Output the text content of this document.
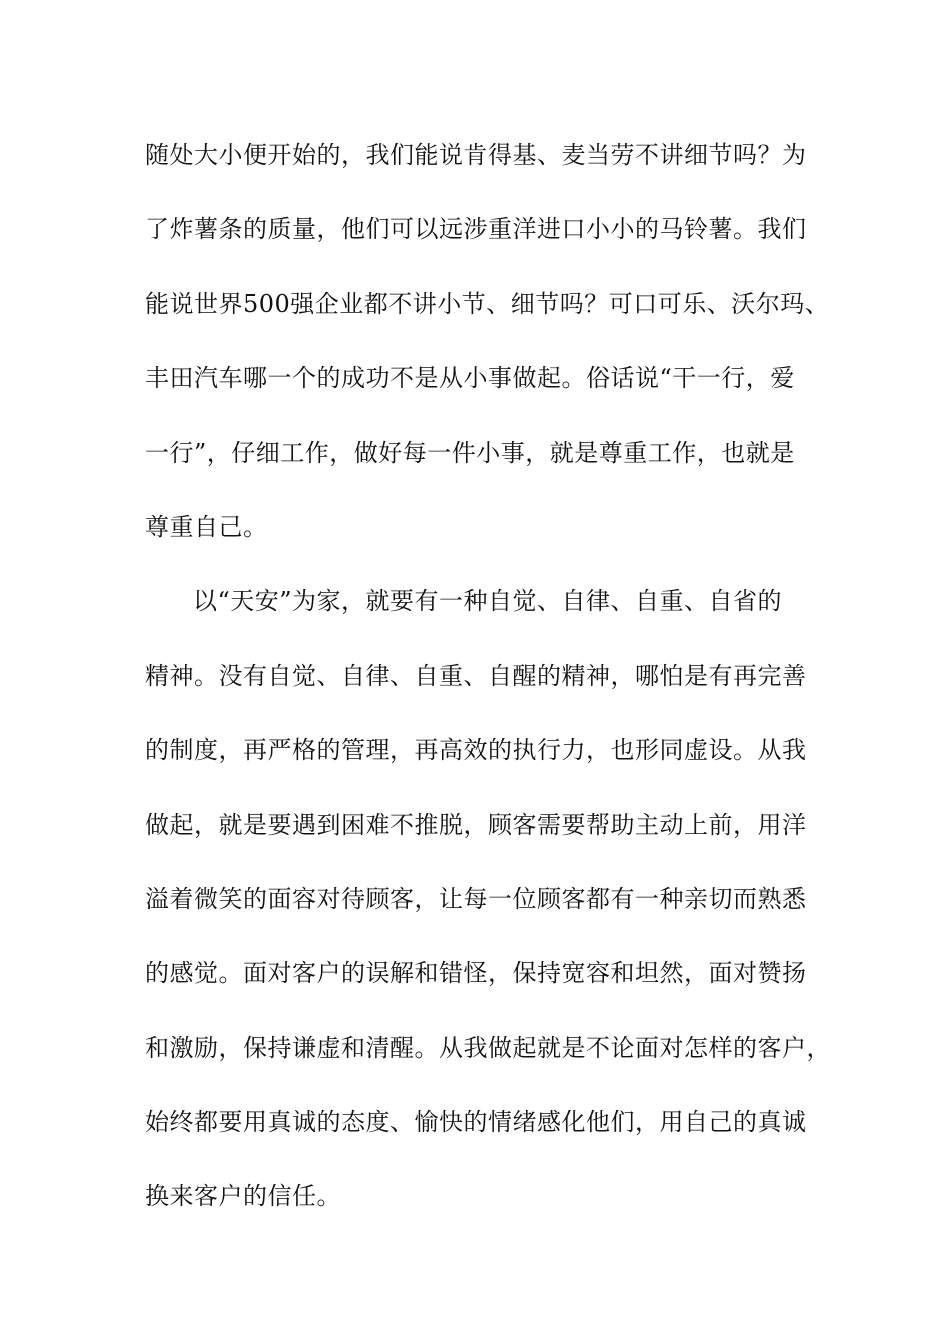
随处大小便开始的，我们能说肯得基、麦当劳不讲细节吗？为
了炸薯条的质量，他们可以远涉重洋进口小小的马铃薯。我们
能说世界500强企业都不讲小节、细节吗？可口可乐、沃尔玛、
丰田汽车哪一个的成功不是从小事做起。俗话说“干一行，爱
一行”，仔细工作，做好每一件小事，就是尊重工作，也就是
尊重自己。
以“天安”为家，就要有一种自觉、自律、自重、自省的
精神。没有自觉、自律、自重、自醒的精神，哪怕是有再完善
的制度，再严格的管理，再高效的执行力，也形同虚设。从我
做起，就是要遇到困难不推脱，顾客需要帮助主动上前，用洋
溢着微笑的面容对待顾客，让每一位顾客都有一种亲切而熟悉
的感觉。面对客户的误解和错怪，保持宽容和坦然，面对赞扬
和激励，保持谦虚和清醒。从我做起就是不论面对怎样的客户，
始终都要用真诚的态度、愉快的情绪感化他们，用自己的真诚
换来客户的信任。
